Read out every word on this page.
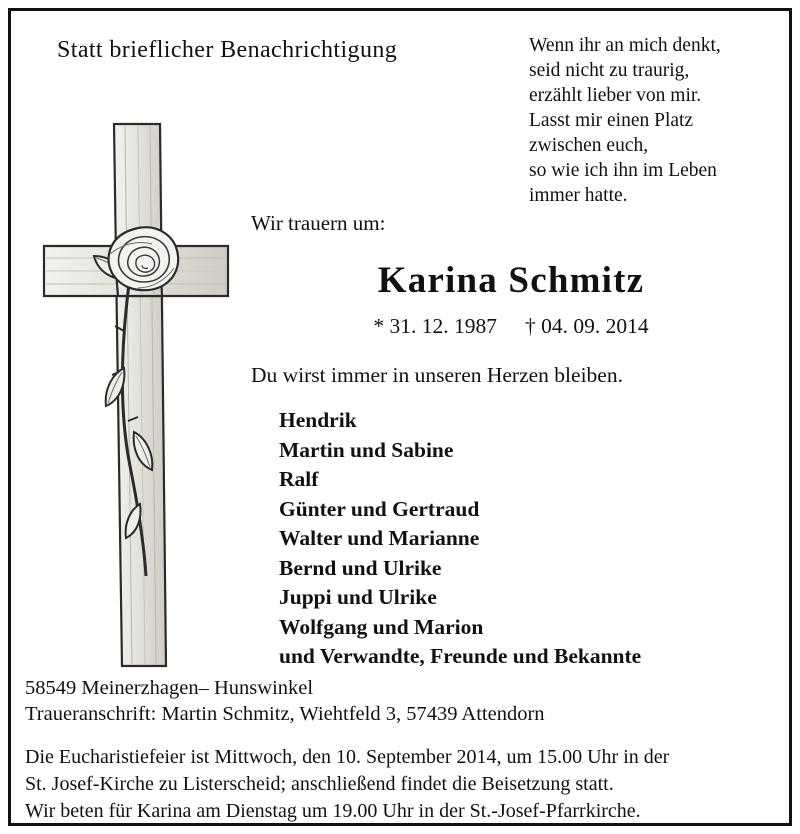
Statt brieflicher Benachrichtigung	Wenn ihr an mich denkt,
seid nicht zu traurig,
erzählt lieber von mir.
Lasst mir einen Platz
zwischen euch,
so wie ich ihn im Leben
immer hatte.
Wir trauern um:
Karina Schmitz
* 31. 12. 1987 † 04. 09. 2014
Du wirst immer in unseren Herzen bleiben.
Hendrik
Martin und Sabine
Ralf
Günter und Gertraud
Walter und Marianne
Bernd und Ulrike
Juppi und Ulrike
Wolfgang und Marion
und Verwandte, Freunde und Bekannte
58549 Meinerzhagen– Hunswinkel
Traueranschrift: Martin Schmitz, Wiehtfeld 3, 57439 Attendorn
Die Eucharistiefeier ist Mittwoch, den 10. September 2014, um 15.00 Uhr in der
St. Josef-Kirche zu Listerscheid; anschließend findet die Beisetzung statt.
Wir beten für Karina am Dienstag um 19.00 Uhr in der St.-Josef-Pfarrkirche.
